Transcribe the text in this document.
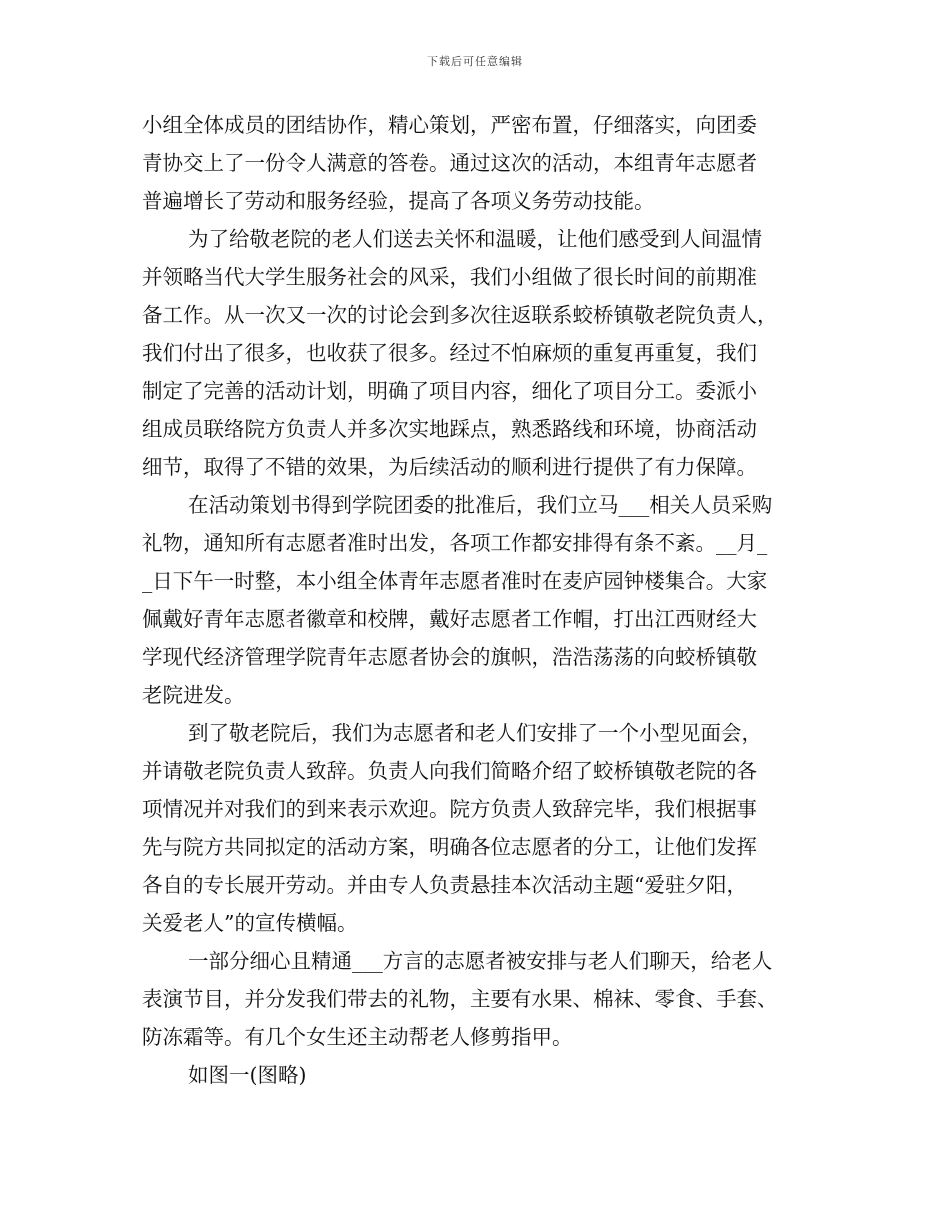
下载后可任意编辑
小组全体成员的团结协作，精心策划，严密布置，仔细落实，向团委
青协交上了一份令人满意的答卷。通过这次的活动，本组青年志愿者
普遍增长了劳动和服务经验，提高了各项义务劳动技能。
为了给敬老院的老人们送去关怀和温暖，让他们感受到人间温情
并领略当代大学生服务社会的风采，我们小组做了很长时间的前期准
备工作。从一次又一次的讨论会到多次往返联系蛟桥镇敬老院负责人，
我们付出了很多，也收获了很多。经过不怕麻烦的重复再重复，我们
制定了完善的活动计划，明确了项目内容，细化了项目分工。委派小
组成员联络院方负责人并多次实地踩点，熟悉路线和环境，协商活动
细节，取得了不错的效果，为后续活动的顺利进行提供了有力保障。
在活动策划书得到学院团委的批准后，我们立马___相关人员采购
礼物，通知所有志愿者准时出发，各项工作都安排得有条不紊。__月_
_日下午一时整，本小组全体青年志愿者准时在麦庐园钟楼集合。大家
佩戴好青年志愿者徽章和校牌，戴好志愿者工作帽，打出江西财经大
学现代经济管理学院青年志愿者协会的旗帜，浩浩荡荡的向蛟桥镇敬
老院进发。
到了敬老院后，我们为志愿者和老人们安排了一个小型见面会，
并请敬老院负责人致辞。负责人向我们简略介绍了蛟桥镇敬老院的各
项情况并对我们的到来表示欢迎。院方负责人致辞完毕，我们根据事
先与院方共同拟定的活动方案，明确各位志愿者的分工，让他们发挥
各自的专长展开劳动。并由专人负责悬挂本次活动主题“爱驻夕阳，
关爱老人”的宣传横幅。
一部分细心且精通___方言的志愿者被安排与老人们聊天，给老人
表演节目，并分发我们带去的礼物，主要有水果、棉袜、零食、手套、
防冻霜等。有几个女生还主动帮老人修剪指甲。
如图一(图略)
